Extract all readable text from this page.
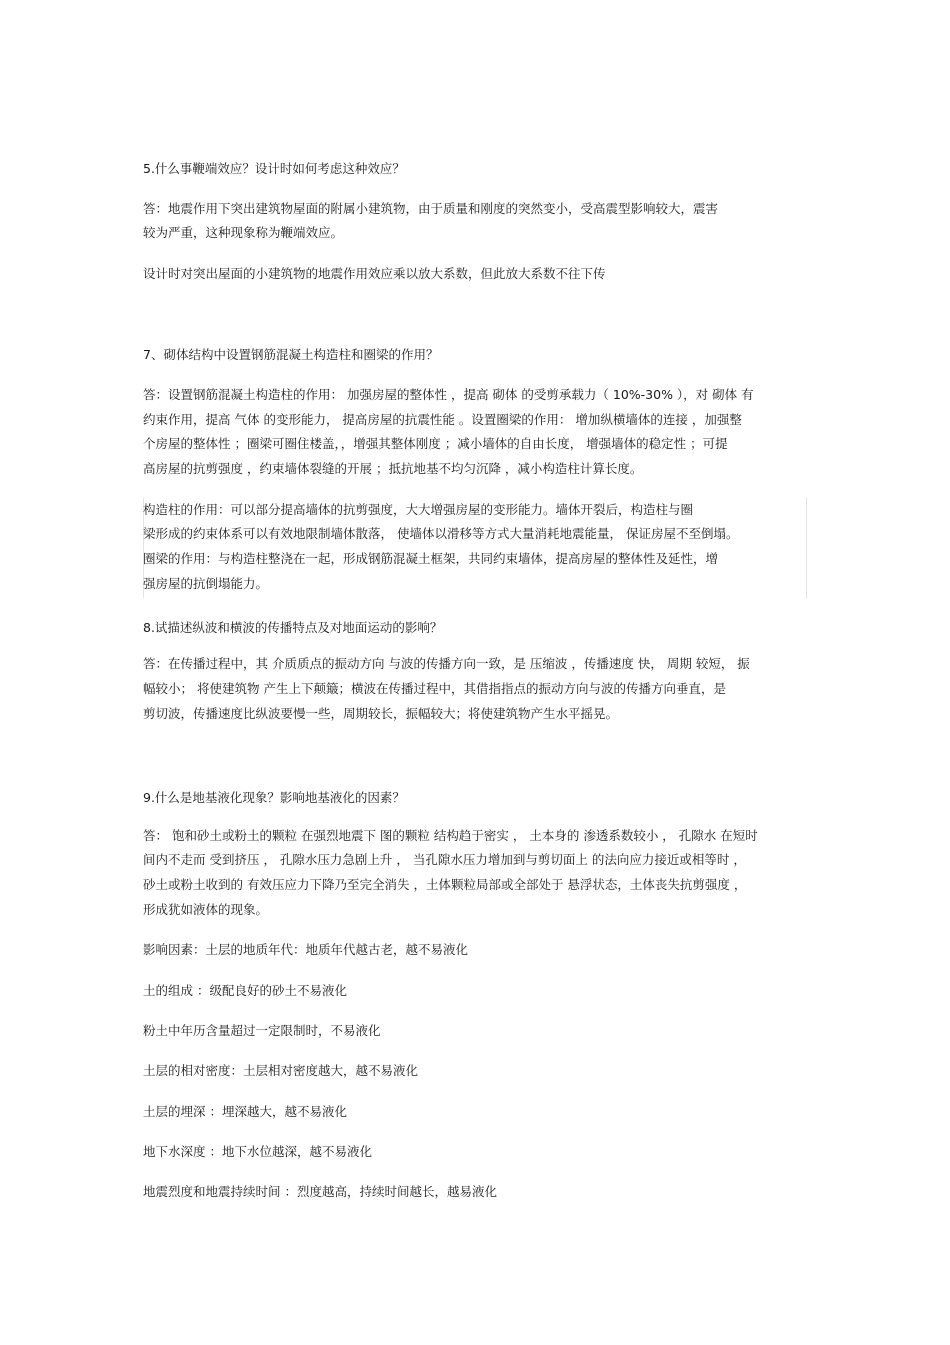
5.什么事鞭端效应？设计时如何考虑这种效应？
答：地震作用下突出建筑物屋面的附属小建筑物，由于质量和刚度的突然变小，受高震型影响较大，震害
较为严重，这种现象称为鞭端效应。
设计时对突出屋面的小建筑物的地震作用效应乘以放大系数，但此放大系数不往下传
7、砌体结构中设置钢筋混凝土构造柱和圈梁的作用？
答：设置钢筋混凝土构造柱的作用： 加强房屋的整体性 ，提高 砌体 的受剪承载力（ 10%-30% ），对 砌体 有
约束作用，提高 气体 的变形能力， 提高房屋的抗震性能 。设置圈梁的作用： 增加纵横墙体的连接 ，加强整
个房屋的整体性 ；圈梁可圈住楼盖，，增强其整体刚度 ；减小墙体的自由长度， 增强墙体的稳定性 ；可提
高房屋的抗剪强度 ，约束墙体裂缝的开展 ；抵抗地基不均匀沉降 ，减小构造柱计算长度。
构造柱的作用：可以部分提高墙体的抗剪强度，大大增强房屋的变形能力。墙体开裂后，构造柱与圈
梁形成的约束体系可以有效地限制墙体散落， 使墙体以滑移等方式大量消耗地震能量， 保证房屋不至倒塌。
圈梁的作用：与构造柱整浇在一起，形成钢筋混凝土框架，共同约束墙体，提高房屋的整体性及延性，增
强房屋的抗倒塌能力。
8.试描述纵波和横波的传播特点及对地面运动的影响？
答：在传播过程中，其 介质质点的振动方向 与波的传播方向一致，是 压缩波 ，传播速度 快， 周期 较短， 振
幅较小； 将使建筑物 产生上下颠簸；横波在传播过程中，其借指指点的振动方向与波的传播方向垂直，是
剪切波，传播速度比纵波要慢一些，周期较长，振幅较大；将使建筑物产生水平摇晃。
9.什么是地基液化现象？影响地基液化的因素？
答： 饱和砂土或粉土的颗粒 在强烈地震下 图的颗粒 结构趋于密实 ， 土本身的 渗透系数较小 ， 孔隙水 在短时
间内不走而 受到挤压 ， 孔隙水压力急剧上升 ， 当孔隙水压力增加到与剪切面上 的法向应力接近或相等时 ，
砂土或粉土收到的 有效压应力下降乃至完全消失 ，土体颗粒局部或全部处于 悬浮状态，土体丧失抗剪强度 ，
形成犹如液体的现象。
影响因素：土层的地质年代：地质年代越古老，越不易液化
土的组成 ：级配良好的砂土不易液化
粉土中年历含量超过一定限制时，不易液化
土层的相对密度：土层相对密度越大，越不易液化
土层的埋深 ：埋深越大，越不易液化
地下水深度 ：地下水位越深，越不易液化
地震烈度和地震持续时间 ：烈度越高，持续时间越长，越易液化
